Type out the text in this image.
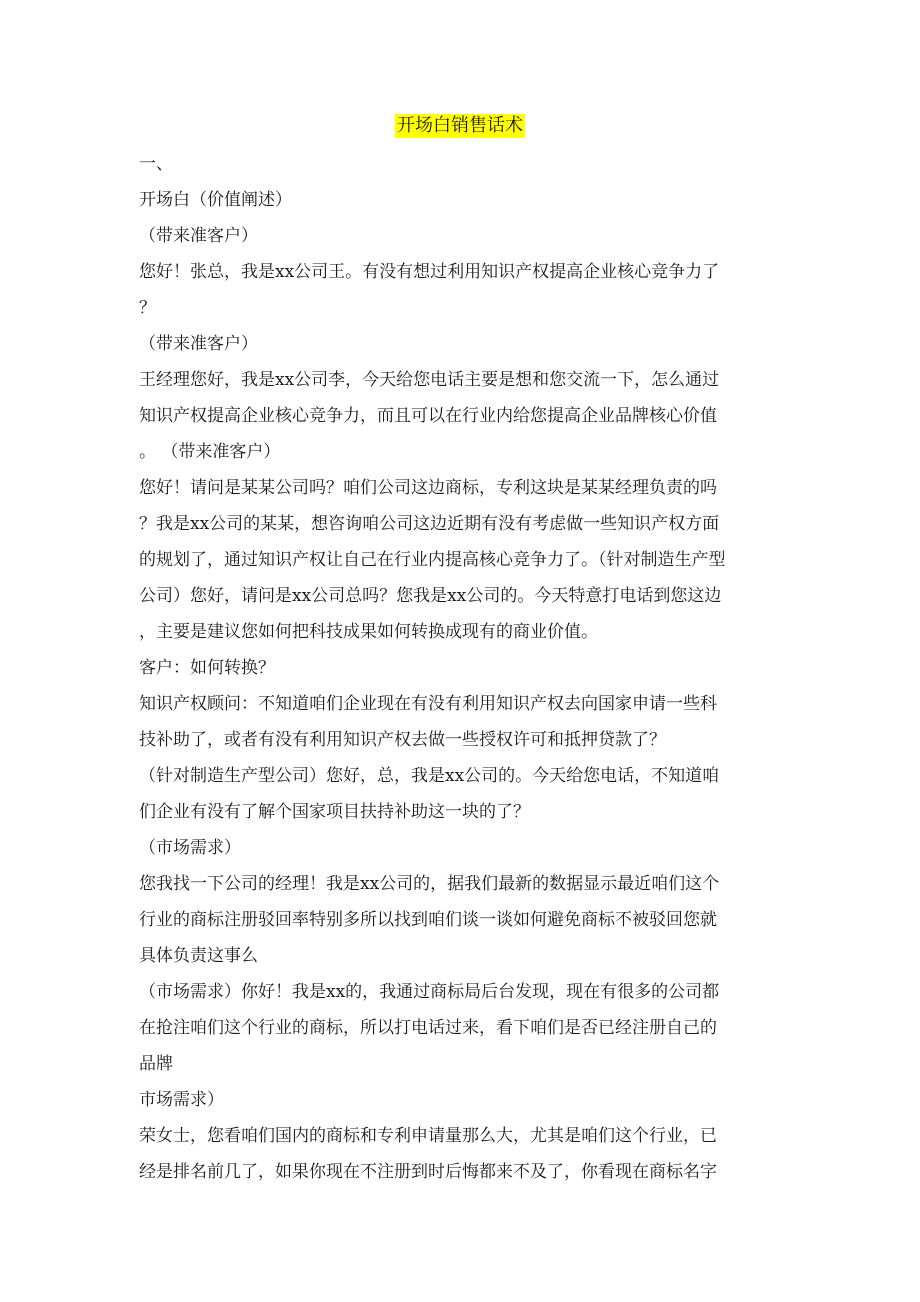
开场白销售话术
一、
开场白（价值阐述）
（带来准客户）
您好！张总，我是xx公司王。有没有想过利用知识产权提高企业核心竞争力了
？
（带来准客户）
王经理您好，我是xx公司李，今天给您电话主要是想和您交流一下，怎么通过
知识产权提高企业核心竞争力，而且可以在行业内给您提高企业品牌核心价值
。 （带来准客户）
您好！请问是某某公司吗？咱们公司这边商标，专利这块是某某经理负责的吗
？我是xx公司的某某，想咨询咱公司这边近期有没有考虑做一些知识产权方面
的规划了，通过知识产权让自己在行业内提高核心竞争力了。（针对制造生产型
公司）您好，请问是xx公司总吗？您我是xx公司的。今天特意打电话到您这边
，主要是建议您如何把科技成果如何转换成现有的商业价值。
客户：如何转换？
知识产权顾问：不知道咱们企业现在有没有利用知识产权去向国家申请一些科
技补助了，或者有没有利用知识产权去做一些授权许可和抵押贷款了？
（针对制造生产型公司）您好，总，我是xx公司的。今天给您电话，不知道咱
们企业有没有了解个国家项目扶持补助这一块的了？
（市场需求）
您我找一下公司的经理！我是xx公司的，据我们最新的数据显示最近咱们这个
行业的商标注册驳回率特别多所以找到咱们谈一谈如何避免商标不被驳回您就
具体负责这事么
（市场需求）你好！我是xx的，我通过商标局后台发现，现在有很多的公司都
在抢注咱们这个行业的商标，所以打电话过来，看下咱们是否已经注册自己的
品牌
市场需求）
荣女士，您看咱们国内的商标和专利申请量那么大，尤其是咱们这个行业，已
经是排名前几了，如果你现在不注册到时后悔都来不及了，你看现在商标名字
